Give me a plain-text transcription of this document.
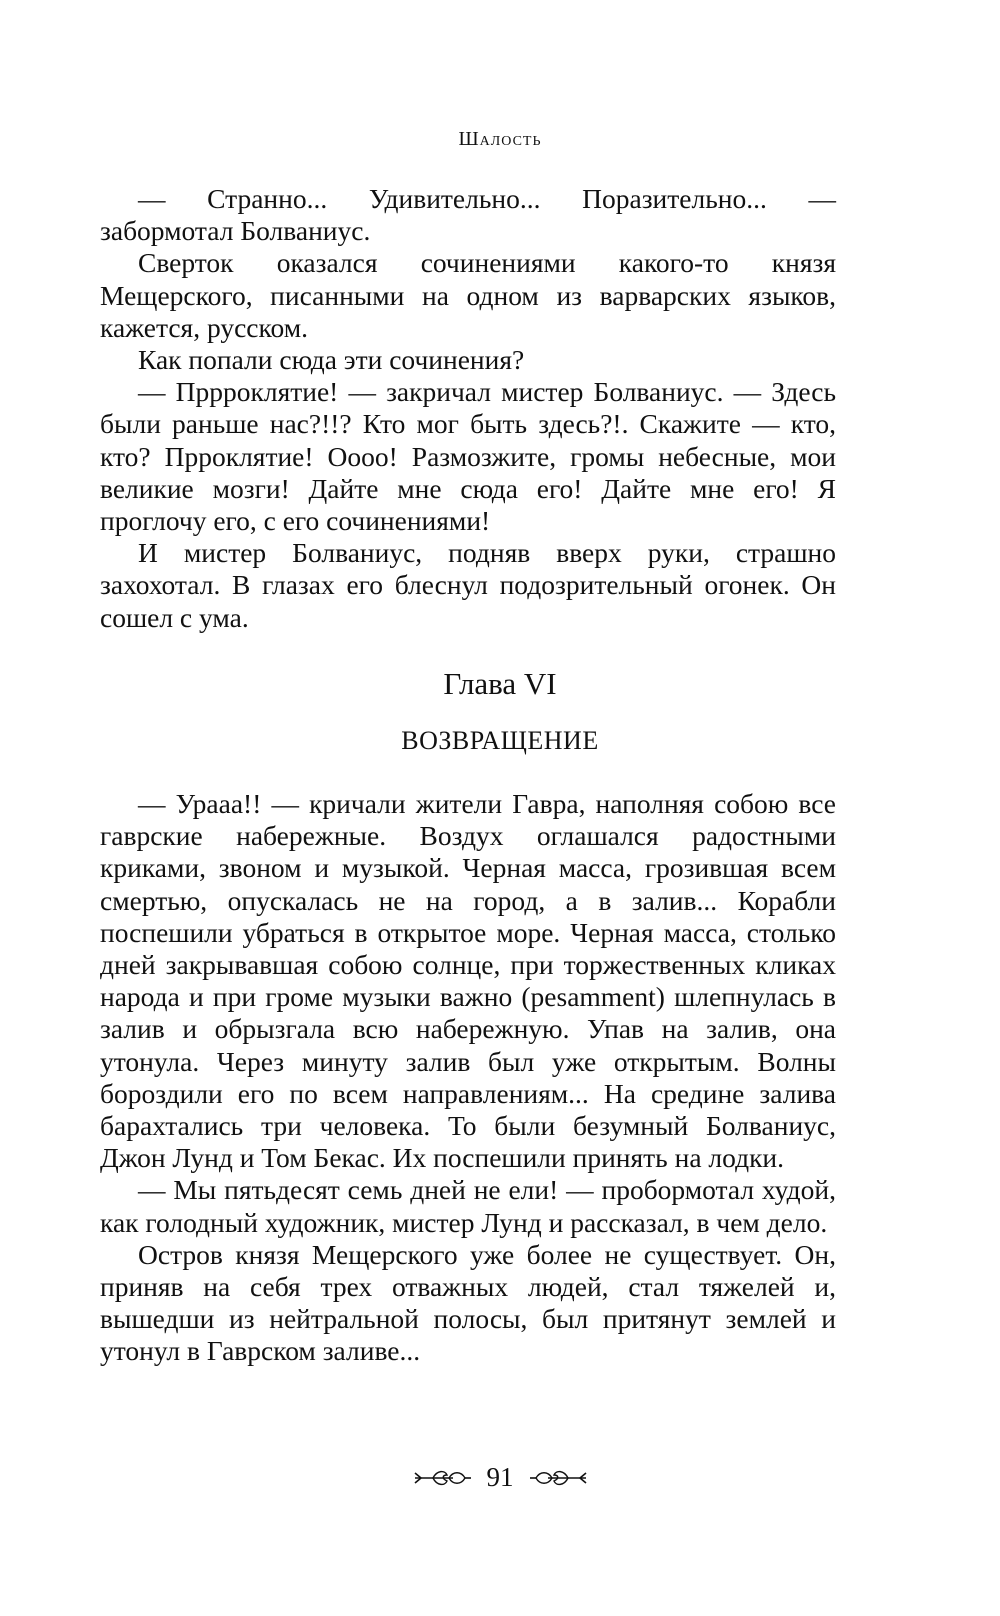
Шалость

— Странно... Удивительно... Поразительно... — забормотал Болваниус.

Сверток оказался сочинениями какого-то князя Мещерского, писанными на одном из варварских языков, кажется, русском.

Как попали сюда эти сочинения?

— Пррроклятие! — закричал мистер Болваниус. — Здесь были раньше нас?!!? Кто мог быть здесь?!. Скажите — кто, кто? Прроклятие! Оooo! Размозжите, громы небесные, мои великие мозги! Дайте мне сюда его! Дайте мне его! Я проглочу его, с его сочинениями!

И мистер Болваниус, подняв вверх руки, страшно захохотал. В глазах его блеснул подозрительный огонек. Он сошел с ума.

Глава VI
ВОЗВРАЩЕНИЕ

— Урааа!! — кричали жители Гавра, наполняя собою все гаврские набережные. Воздух оглашался радостными криками, звоном и музыкой. Черная масса, грозившая всем смертью, опускалась не на город, а в залив... Корабли поспешили убраться в открытое море. Черная масса, столько дней закрывавшая собою солнце, при торжественных кликах народа и при громе музыки важно (pesamment) шлепнулась в залив и обрызгала всю набережную. Упав на залив, она утонула. Через минуту залив был уже открытым. Волны бороздили его по всем направлениям... На средине залива барахтались три человека. То были безумный Болваниус, Джон Лунд и Том Бекас. Их поспешили принять на лодки.

— Мы пятьдесят семь дней не ели! — пробормотал худой, как голодный художник, мистер Лунд и рассказал, в чем дело.

Остров князя Мещерского уже более не существует. Он, приняв на себя трех отважных людей, стал тяжелей и, вышедши из нейтральной полосы, был притянут землей и утонул в Гаврском заливе...

91
